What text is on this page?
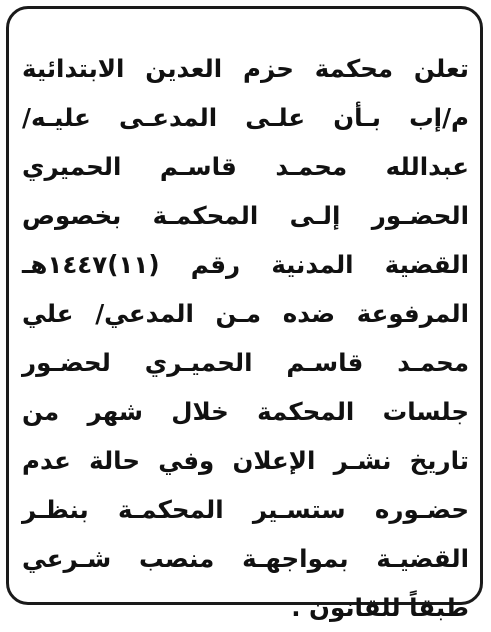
تعلن محكمة حزم العدين الابتدائية
م/إب بـأن علـى المدعـى عليـه/
عبدالله محمـد قاسـم الحميري
الحضـور إلـى المحكمـة بخصوص
القضية المدنية رقم (١١)١٤٤٧هـ
المرفوعة ضده مـن المدعي/ علي
محمـد قاسـم الحميـري لحضـور
جلسات المحكمة خلال شهر من
تاريخ نشـر الإعلان وفي حالة عدم
حضـوره ستسـير المحكمـة بنظـر
القضيـة بمواجهـة منصب شـرعي
طبقاً للقانون .
